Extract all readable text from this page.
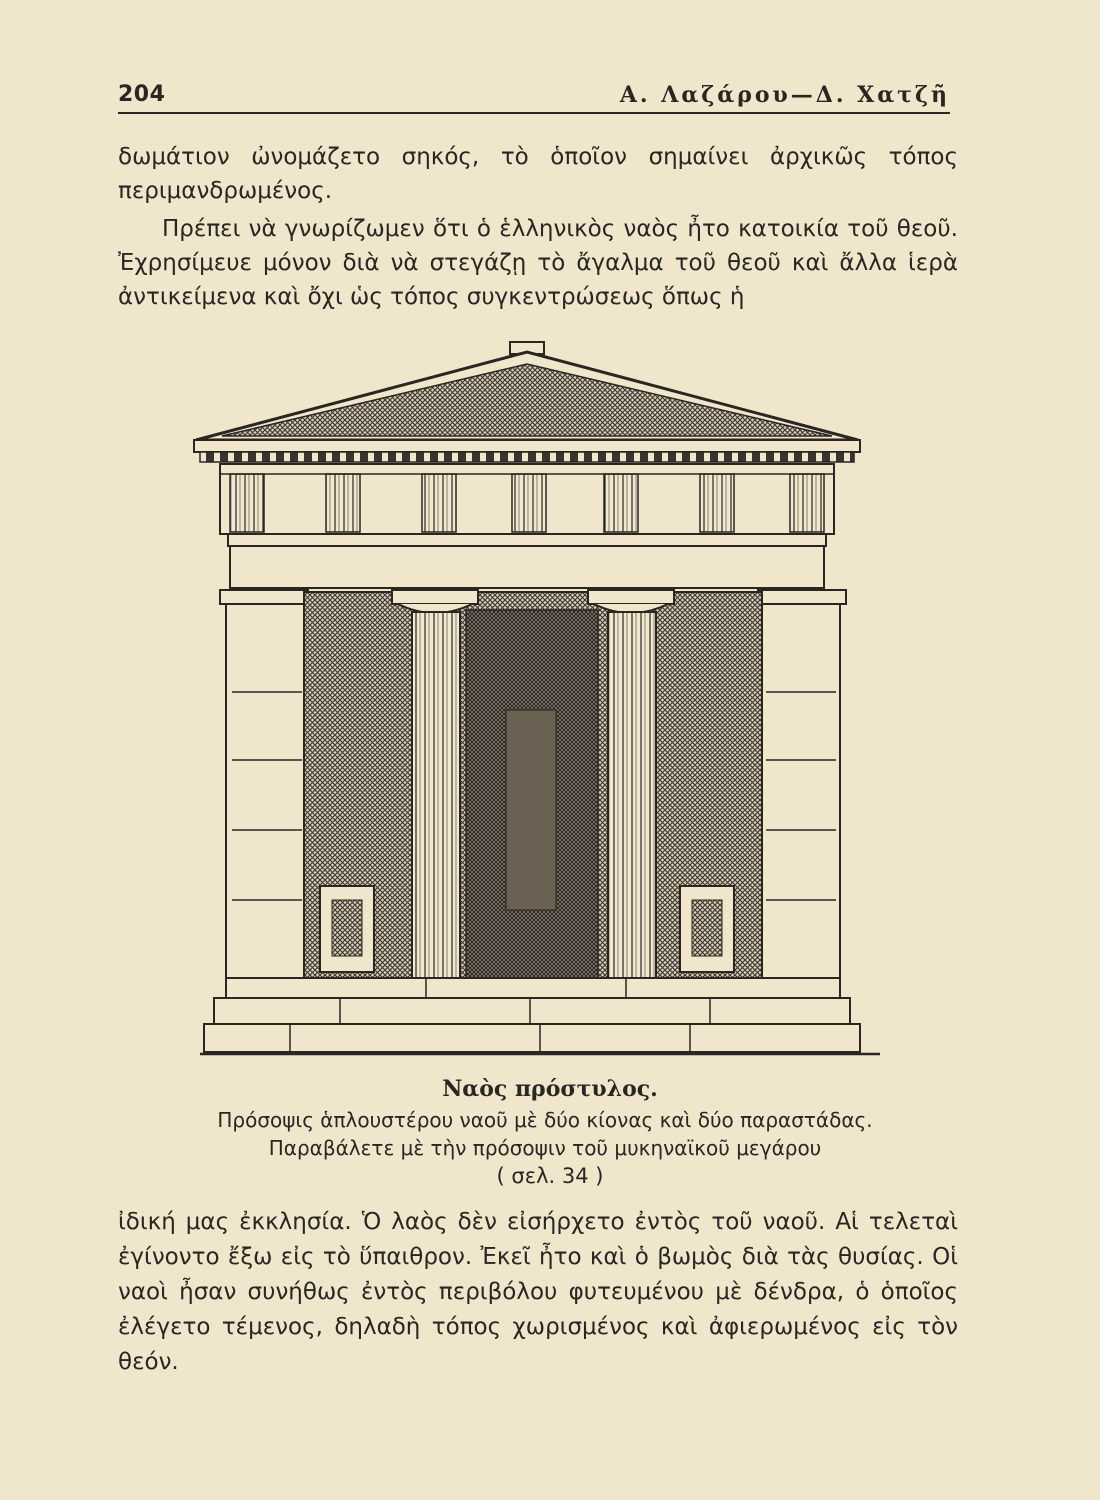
204	Α. Λαζάρου—Δ. Χατζῆ

δωμάτιον ὠνομάζετο σηκός, τὸ ὁποῖον σημαίνει ἀρχικῶς τόπος περιμανδρωμένος.

Πρέπει νὰ γνωρίζωμεν ὅτι ὁ ἑλληνικὸς ναὸς ἦτο κατοικία τοῦ θεοῦ. Ἐχρησίμευε μόνον διὰ νὰ στεγάζῃ τὸ ἄγαλμα τοῦ θεοῦ καὶ ἄλλα ἱερὰ ἀντικείμενα καὶ ὄχι ὡς τόπος συγκεντρώσεως ὅπως ἡ

Ναὸς πρόστυλος.
Πρόσοψις ἁπλουστέρου ναοῦ μὲ δύο κίονας καὶ δύο παραστάδας. Παραβάλετε μὲ τὴν πρόσοψιν τοῦ μυκηναϊκοῦ μεγάρου
( σελ. 34 )

ἰδική μας ἐκκλησία. Ὁ λαὸς δὲν εἰσήρχετο ἐντὸς τοῦ ναοῦ. Αἱ τελεταὶ ἐγίνοντο ἔξω εἰς τὸ ὕπαιθρον. Ἐκεῖ ἦτο καὶ ὁ βωμὸς διὰ τὰς θυσίας. Οἱ ναοὶ ἦσαν συνήθως ἐντὸς περιβόλου φυτευμένου μὲ δένδρα, ὁ ὁποῖος ἐλέγετο τέμενος, δηλαδὴ τόπος χωρισμένος καὶ ἀφιερωμένος εἰς τὸν θεόν.
